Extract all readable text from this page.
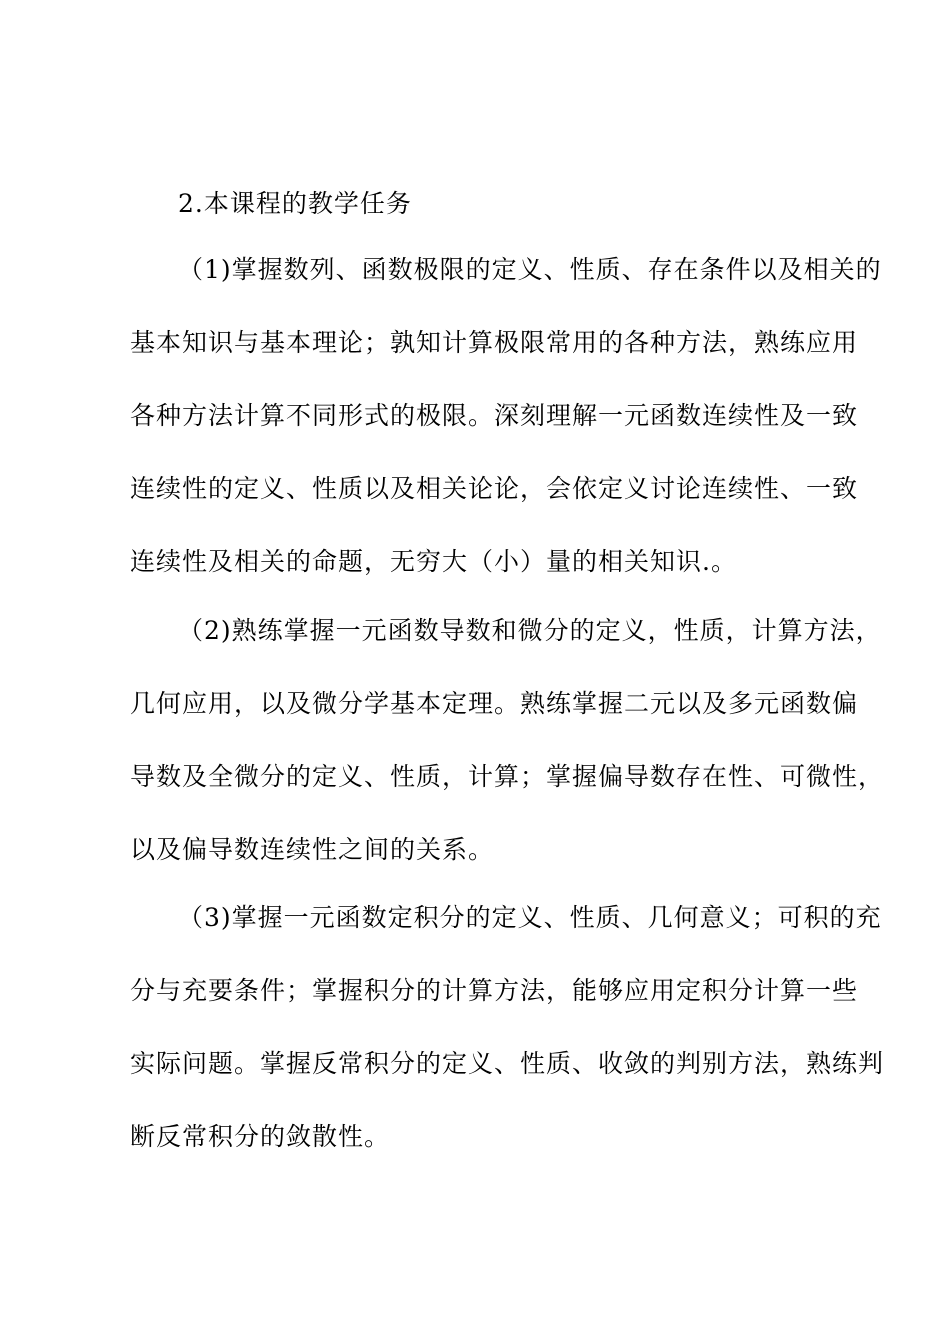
2.本课程的教学任务
（1)掌握数列、函数极限的定义、性质、存在条件以及相关的
基本知识与基本理论；孰知计算极限常用的各种方法，熟练应用
各种方法计算不同形式的极限。深刻理解一元函数连续性及一致
连续性的定义、性质以及相关论论，会依定义讨论连续性、一致
连续性及相关的命题，无穷大（小）量的相关知识.。
（2)熟练掌握一元函数导数和微分的定义，性质，计算方法，
几何应用，以及微分学基本定理。熟练掌握二元以及多元函数偏
导数及全微分的定义、性质，计算；掌握偏导数存在性、可微性，
以及偏导数连续性之间的关系。
（3)掌握一元函数定积分的定义、性质、几何意义；可积的充
分与充要条件；掌握积分的计算方法，能够应用定积分计算一些
实际问题。掌握反常积分的定义、性质、收敛的判别方法，熟练判
断反常积分的敛散性。
